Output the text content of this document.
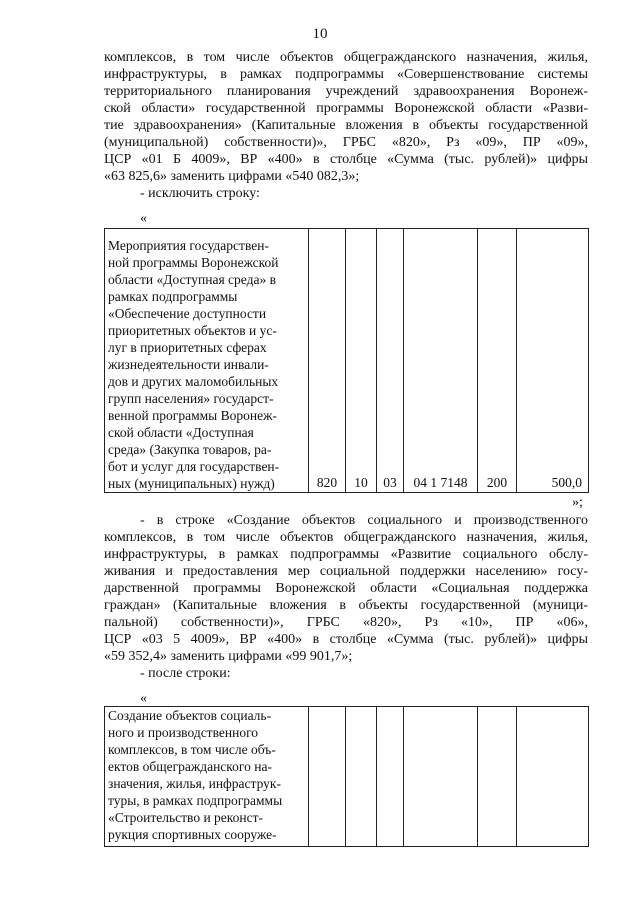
10
комплексов, в том числе объектов общегражданского назначения, жилья,
инфраструктуры, в рамках подпрограммы «Совершенствование системы
территориального планирования учреждений здравоохранения Воронеж-
ской области» государственной программы Воронежской области «Разви-
тие здравоохранения» (Капитальные вложения в объекты государственной
(муниципальной) собственности)», ГРБС «820», Рз «09», ПР «09»,
ЦСР «01 Б 4009», ВР «400» в столбце «Сумма (тыс. рублей)» цифры
«63 825,6» заменить цифрами «540 082,3»;
- исключить строку:
«
Мероприятия государствен-
ной программы Воронежской
области «Доступная среда» в
рамках подпрограммы
«Обеспечение доступности
приоритетных объектов и ус-
луг в приоритетных сферах
жизнедеятельности инвали-
дов и других маломобильных
групп населения» государст-
венной программы Воронеж-
ской области «Доступная
среда» (Закупка товаров, ра-
бот и услуг для государствен-
ных (муниципальных) нужд)	820	10	03	04 1 7148	200	500,0
»;
- в строке «Создание объектов социального и производственного
комплексов, в том числе объектов общегражданского назначения, жилья,
инфраструктуры, в рамках подпрограммы «Развитие социального обслу-
живания и предоставления мер социальной поддержки населению» госу-
дарственной программы Воронежской области «Социальная поддержка
граждан» (Капитальные вложения в объекты государственной (муници-
пальной) собственности)», ГРБС «820», Рз «10», ПР «06»,
ЦСР «03 5 4009», ВР «400» в столбце «Сумма (тыс. рублей)» цифры
«59 352,4» заменить цифрами «99 901,7»;
- после строки:
«
Создание объектов социаль-
ного и производственного
комплексов, в том числе объ-
ектов общегражданского на-
значения, жилья, инфраструк-
туры, в рамках подпрограммы
«Строительство и реконст-
рукция спортивных сооруже-
